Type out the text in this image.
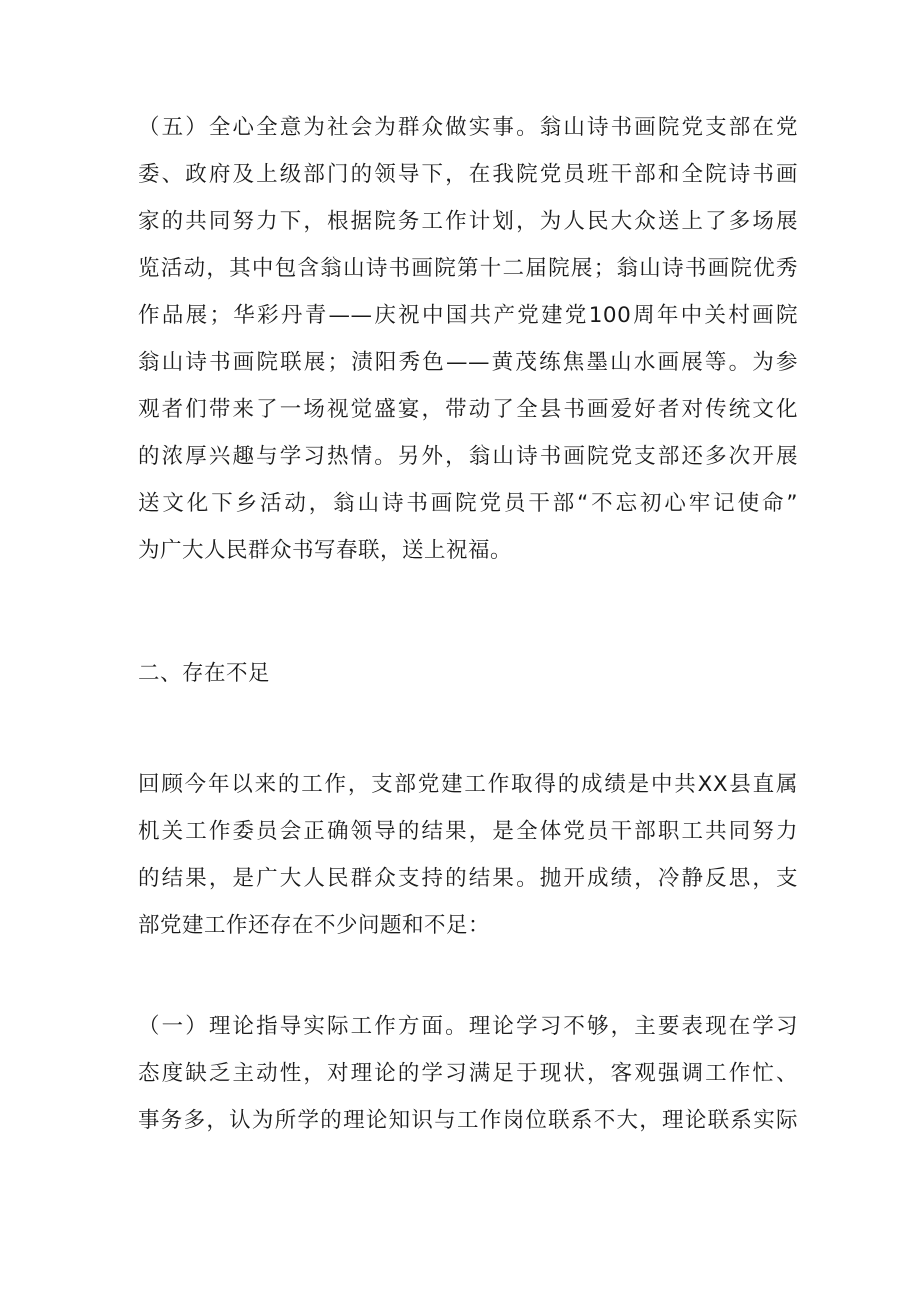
（五）全心全意为社会为群众做实事。翁山诗书画院党支部在党
委、政府及上级部门的领导下，在我院党员班干部和全院诗书画
家的共同努力下，根据院务工作计划，为人民大众送上了多场展
览活动，其中包含翁山诗书画院第十二届院展；翁山诗书画院优秀
作品展；华彩丹青——庆祝中国共产党建党100周年中关村画院
翁山诗书画院联展；渍阳秀色——黄茂练焦墨山水画展等。为参
观者们带来了一场视觉盛宴，带动了全县书画爱好者对传统文化
的浓厚兴趣与学习热情。另外，翁山诗书画院党支部还多次开展
送文化下乡活动，翁山诗书画院党员干部“不忘初心牢记使命”
为广大人民群众书写春联，送上祝福。
二、存在不足
回顾今年以来的工作，支部党建工作取得的成绩是中共XX县直属
机关工作委员会正确领导的结果，是全体党员干部职工共同努力
的结果，是广大人民群众支持的结果。抛开成绩，冷静反思，支
部党建工作还存在不少问题和不足：
（一）理论指导实际工作方面。理论学习不够，主要表现在学习
态度缺乏主动性，对理论的学习满足于现状，客观强调工作忙、
事务多，认为所学的理论知识与工作岗位联系不大，理论联系实际
